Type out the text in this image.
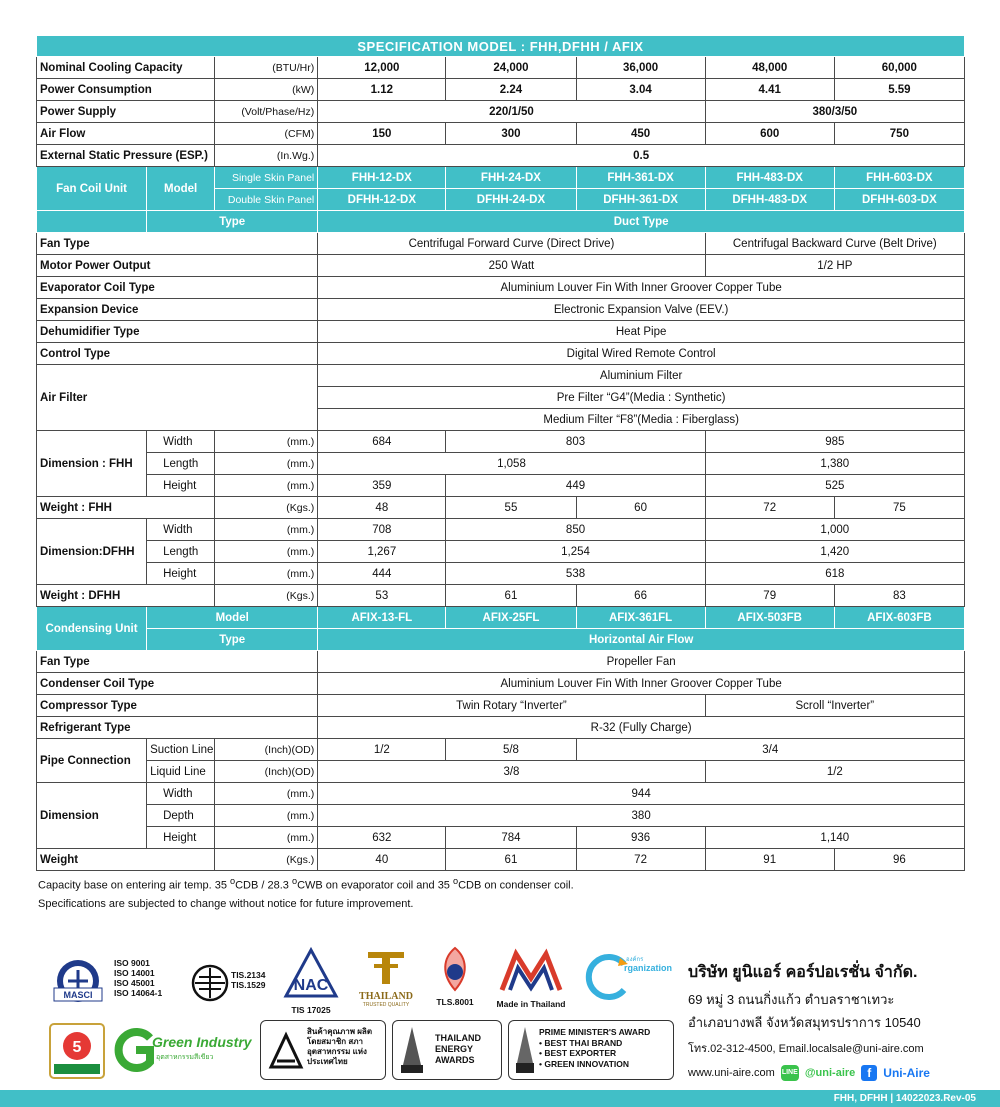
SPECIFICATION MODEL : FHH,DFHH / AFIX							
Nominal Cooling Capacity		(BTU/Hr)	12,000	24,000	36,000	48,000	60,000
Power Consumption		(kW)	1.12	2.24	3.04	4.41	5.59
Power Supply		(Volt/Phase/Hz)	220/1/50			380/3/50	
Air Flow		(CFM)	150	300	450	600	750
External Static Pressure (ESP.)		(In.Wg.)	0.5				
Fan Coil Unit	Model	Single Skin Panel	FHH-12-DX	FHH-24-DX	FHH-361-DX	FHH-483-DX	FHH-603-DX
		Double Skin Panel	DFHH-12-DX	DFHH-24-DX	DFHH-361-DX	DFHH-483-DX	DFHH-603-DX
	Type		Duct Type				
Fan Type			Centrifugal Forward Curve (Direct Drive)			Centrifugal Backward Curve (Belt Drive)	
Motor Power Output			250 Watt			1/2 HP	
Evaporator Coil Type			Aluminium Louver Fin With Inner Groover Copper Tube				
Expansion Device			Electronic Expansion Valve (EEV.)				
Dehumidifier Type			Heat Pipe				
Control Type			Digital Wired Remote Control				
Air Filter			Aluminium Filter				
			Pre Filter “G4”(Media : Synthetic)				
			Medium Filter “F8”(Media : Fiberglass)				
Dimension : FHH	Width	(mm.)	684	803		985	
	Length	(mm.)	1,058			1,380	
	Height	(mm.)	359	449		525	
Weight : FHH		(Kgs.)	48	55	60	72	75
Dimension:DFHH	Width	(mm.)	708	850		1,000	
	Length	(mm.)	1,267	1,254		1,420	
	Height	(mm.)	444	538		618	
Weight : DFHH		(Kgs.)	53	61	66	79	83
Condensing Unit	Model		AFIX-13-FL	AFIX-25FL	AFIX-361FL	AFIX-503FB	AFIX-603FB
	Type		Horizontal Air Flow				
Fan Type			Propeller Fan				
Condenser Coil Type			Aluminium Louver Fin With Inner Groover Copper Tube				
Compressor Type			Twin Rotary “Inverter”			Scroll “Inverter”	
Refrigerant Type			R-32 (Fully Charge)				
Pipe Connection	Suction Line	(Inch)(OD)	1/2	5/8	3/4		
	Liquid Line	(Inch)(OD)	3/8			1/2	
Dimension	Width	(mm.)	944				
	Depth	(mm.)	380				
	Height	(mm.)	632	784	936	1,140	
Weight		(Kgs.)	40	61	72	91	96
Capacity base on entering air temp. 35 $^o$CDB / 28.3 $^o$CWB on evaporator coil and 35 $^o$CDB on condenser coil.
Specifications are subjected to change without notice for future improvement.
MASCI
ISO 9001
ISO 14001
ISO 45001
ISO 14064-1
TIS.2134
TIS.1529 NAC
TIS 17025
THAILAND
TRUSTED QUALITY	TLS.8001	Made in Thailand
องค์กร
rganization
5	Green Industry
อุตสาหกรรมสีเขียว
สินค้าคุณภาพ ผลิตโดยสมาชิก สภาอุตสาหกรรม แห่งประเทศไทย
THAILAND
ENERGY
AWARDS
PRIME MINISTER'S AWARD
• BEST THAI BRAND
• BEST EXPORTER
• GREEN INNOVATION
บริษัท ยูนิแอร์ คอร์ปอเรชั่น จำกัด.
69 หมู่ 3 ถนนกิ่งแก้ว ตำบลราชาเทวะ
อำเภอบางพลี จังหวัดสมุทรปราการ 10540
โทร.02-312-4500, Email.localsale@uni-aire.com
www.uni-aire.com LINE @uni-aire	f	Uni-Aire
FHH, DFHH | 14022023.Rev-05
